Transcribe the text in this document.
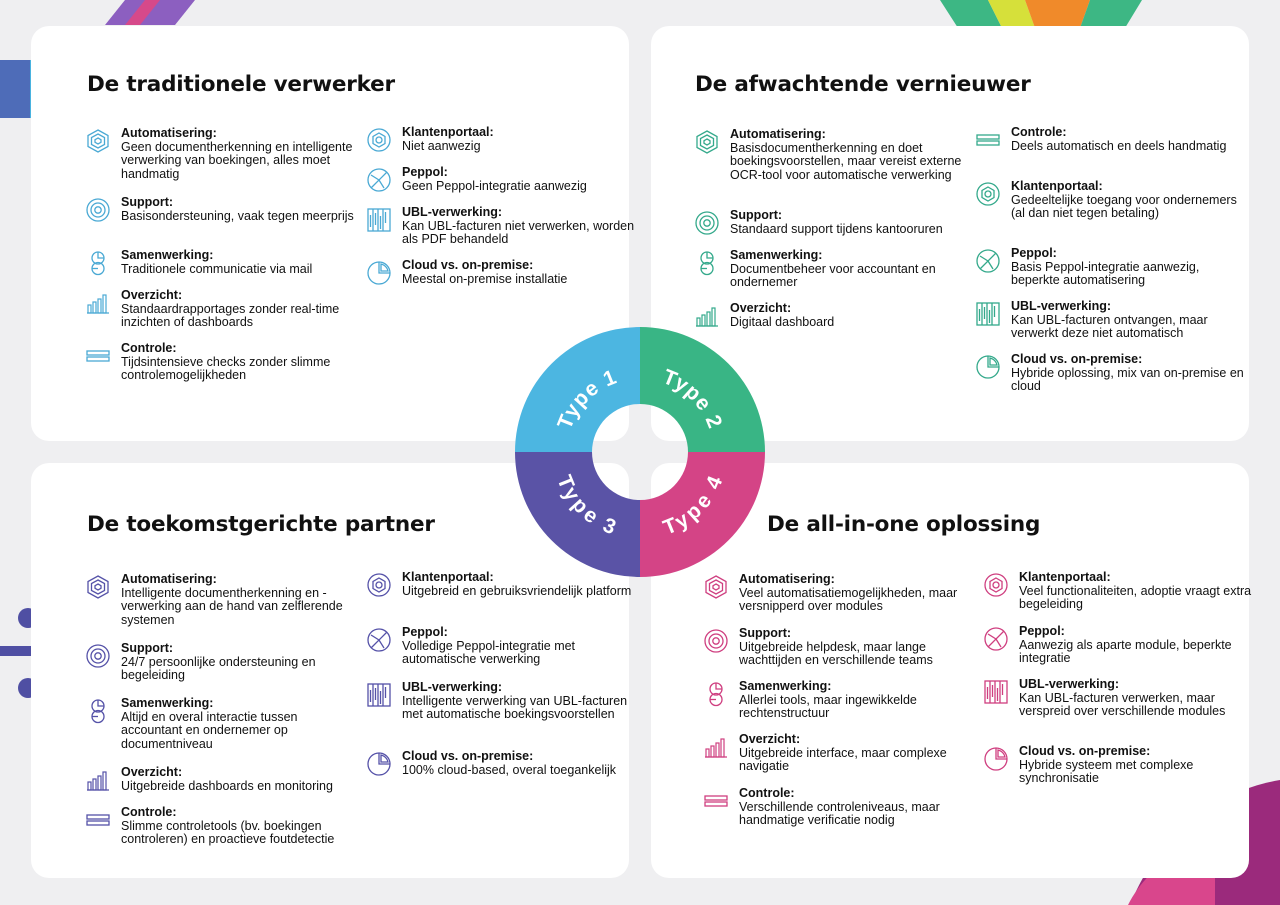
De traditionele verwerker	De afwachtende vernieuwer
De toekomstgerichte partner	De all-in-one oplossing
Automatisering:
Geen documentherkenning en intelligente verwerking van boekingen, alles moet handmatig
Support:
Basisondersteuning, vaak tegen meerprijs
Samenwerking:
Traditionele communicatie via mail
Overzicht:
Standaardrapportages zonder real-time inzichten of dashboards
Controle:
Tijdsintensieve checks zonder slimme controlemogelijkheden
Klantenportaal:
Niet aanwezig
Peppol:
Geen Peppol-integratie aanwezig
UBL-verwerking:
Kan UBL-facturen niet verwerken, worden als PDF behandeld
Cloud vs. on-premise:
Meestal on-premise installatie
Automatisering:
Basisdocumentherkenning en doet boekingsvoorstellen, maar vereist externe OCR-tool voor automatische verwerking
Support:
Standaard support tijdens kantooruren
Samenwerking:
Documentbeheer voor accountant en ondernemer
Overzicht:
Digitaal dashboard
Controle:
Deels automatisch en deels handmatig
Klantenportaal:
Gedeeltelijke toegang voor ondernemers (al dan niet tegen betaling)
Peppol:
Basis Peppol-integratie aanwezig, beperkte automatisering
UBL-verwerking:
Kan UBL-facturen ontvangen, maar verwerkt deze niet automatisch
Cloud vs. on-premise:
Hybride oplossing, mix van on-premise en cloud
Automatisering:
Intelligente documentherkenning en -verwerking aan de hand van zelflerende systemen
Support:
24/7 persoonlijke ondersteuning en begeleiding
Samenwerking:
Altijd en overal interactie tussen accountant en ondernemer op documentniveau
Overzicht:
Uitgebreide dashboards en monitoring
Controle:
Slimme controletools (bv. boekingen controleren) en proactieve foutdetectie
Klantenportaal:
Uitgebreid en gebruiksvriendelijk platform
Peppol:
Volledige Peppol-integratie met automatische verwerking
UBL-verwerking:
Intelligente verwerking van UBL-facturen met automatische boekingsvoorstellen
Cloud vs. on-premise:
100% cloud-based, overal toegankelijk
Automatisering:
Veel automatisatiemogelijkheden, maar versnipperd over modules
Support:
Uitgebreide helpdesk, maar lange wachttijden en verschillende teams
Samenwerking:
Allerlei tools, maar ingewikkelde rechtenstructuur
Overzicht:
Uitgebreide interface, maar complexe navigatie
Controle:
Verschillende controleniveaus, maar handmatige verificatie nodig
Klantenportaal:
Veel functionaliteiten, adoptie vraagt extra begeleiding
Peppol:
Aanwezig als aparte module, beperkte integratie
UBL-verwerking:
Kan UBL-facturen verwerken, maar verspreid over verschillende modules
Cloud vs. on-premise:
Hybride systeem met complexe synchronisatie
Type 1 Type 2
Type 3 Type 4
